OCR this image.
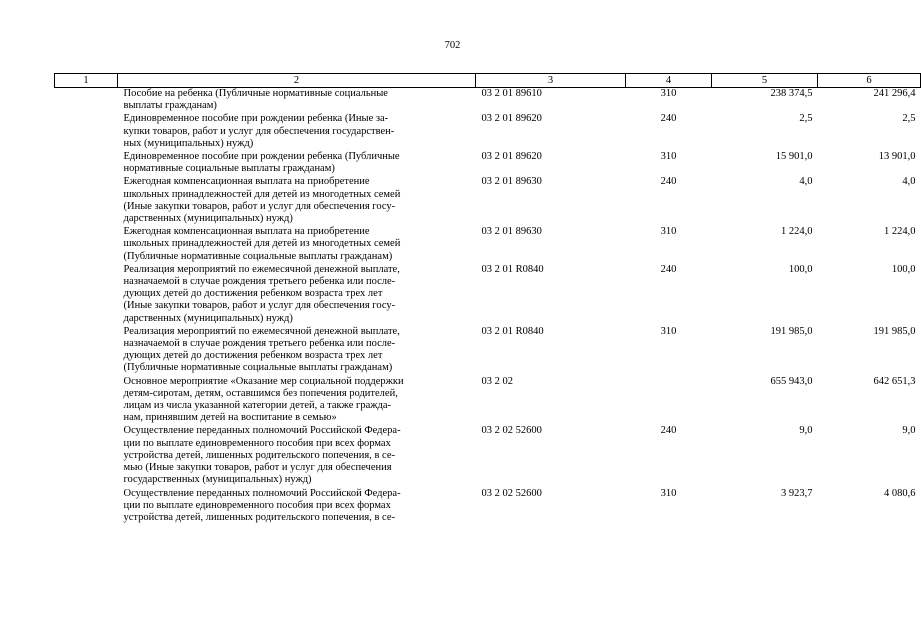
702
1	2	3	4	5	6
	Пособие на ребенка (Публичные нормативные социальные
выплаты гражданам)	03 2 01 89610	310	238 374,5	241 296,4
	Единовременное пособие при рождении ребенка (Иные за-
купки товаров, работ и услуг для обеспечения государствен-
ных (муниципальных) нужд)	03 2 01 89620	240	2,5	2,5
	Единовременное пособие при рождении ребенка (Публичные
нормативные социальные выплаты гражданам)	03 2 01 89620	310	15 901,0	13 901,0
	Ежегодная компенсационная выплата на приобретение
школьных принадлежностей для детей из многодетных семей
(Иные закупки товаров, работ и услуг для обеспечения госу-
дарственных (муниципальных) нужд)	03 2 01 89630	240	4,0	4,0
	Ежегодная компенсационная выплата на приобретение
школьных принадлежностей для детей из многодетных семей
(Публичные нормативные социальные выплаты гражданам)	03 2 01 89630	310	1 224,0	1 224,0
	Реализация мероприятий по ежемесячной денежной выплате,
назначаемой в случае рождения третьего ребенка или после-
дующих детей до достижения ребенком возраста трех лет
(Иные закупки товаров, работ и услуг для обеспечения госу-
дарственных (муниципальных) нужд)	03 2 01 R0840	240	100,0	100,0
	Реализация мероприятий по ежемесячной денежной выплате,
назначаемой в случае рождения третьего ребенка или после-
дующих детей до достижения ребенком возраста трех лет
(Публичные нормативные социальные выплаты гражданам)	03 2 01 R0840	310	191 985,0	191 985,0
	Основное мероприятие «Оказание мер социальной поддержки
детям-сиротам, детям, оставшимся без попечения родителей,
лицам из числа указанной категории детей, а также гражда-
нам, принявшим детей на воспитание в семью»	03 2 02		655 943,0	642 651,3
	Осуществление переданных полномочий Российской Федера-
ции по выплате единовременного пособия при всех формах
устройства детей, лишенных родительского попечения, в се-
мью (Иные закупки товаров, работ и услуг для обеспечения
государственных (муниципальных) нужд)	03 2 02 52600	240	9,0	9,0
	Осуществление переданных полномочий Российской Федера-
ции по выплате единовременного пособия при всех формах
устройства детей, лишенных родительского попечения, в се-	03 2 02 52600	310	3 923,7	4 080,6
